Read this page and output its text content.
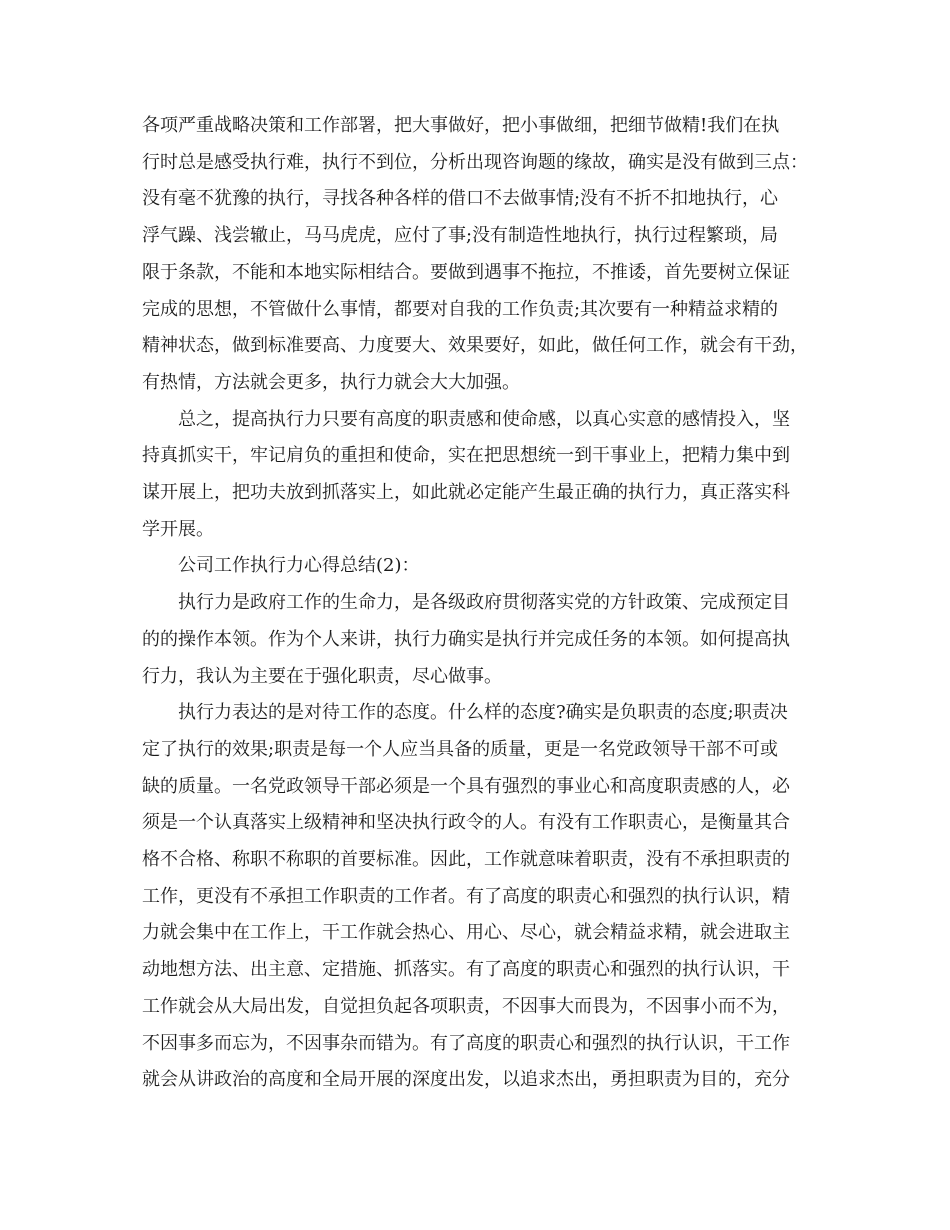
各项严重战略决策和工作部署，把大事做好，把小事做细，把细节做精!我们在执
行时总是感受执行难，执行不到位，分析出现咨询题的缘故，确实是没有做到三点：
没有毫不犹豫的执行，寻找各种各样的借口不去做事情;没有不折不扣地执行，心
浮气躁、浅尝辙止，马马虎虎，应付了事;没有制造性地执行，执行过程繁琐，局
限于条款，不能和本地实际相结合。要做到遇事不拖拉，不推诿，首先要树立保证
完成的思想，不管做什么事情，都要对自我的工作负责;其次要有一种精益求精的
精神状态，做到标准要高、力度要大、效果要好，如此，做任何工作，就会有干劲，
有热情，方法就会更多，执行力就会大大加强。
总之，提高执行力只要有高度的职责感和使命感，以真心实意的感情投入，坚
持真抓实干，牢记肩负的重担和使命，实在把思想统一到干事业上，把精力集中到
谋开展上，把功夫放到抓落实上，如此就必定能产生最正确的执行力，真正落实科
学开展。
公司工作执行力心得总结(2)：
执行力是政府工作的生命力，是各级政府贯彻落实党的方针政策、完成预定目
的的操作本领。作为个人来讲，执行力确实是执行并完成任务的本领。如何提高执
行力，我认为主要在于强化职责，尽心做事。
执行力表达的是对待工作的态度。什么样的态度?确实是负职责的态度;职责决
定了执行的效果;职责是每一个人应当具备的质量，更是一名党政领导干部不可或
缺的质量。一名党政领导干部必须是一个具有强烈的事业心和高度职责感的人，必
须是一个认真落实上级精神和坚决执行政令的人。有没有工作职责心，是衡量其合
格不合格、称职不称职的首要标准。因此，工作就意味着职责，没有不承担职责的
工作，更没有不承担工作职责的工作者。有了高度的职责心和强烈的执行认识，精
力就会集中在工作上，干工作就会热心、用心、尽心，就会精益求精，就会进取主
动地想方法、出主意、定措施、抓落实。有了高度的职责心和强烈的执行认识，干
工作就会从大局出发，自觉担负起各项职责，不因事大而畏为，不因事小而不为，
不因事多而忘为，不因事杂而错为。有了高度的职责心和强烈的执行认识，干工作
就会从讲政治的高度和全局开展的深度出发，以追求杰出，勇担职责为目的，充分
